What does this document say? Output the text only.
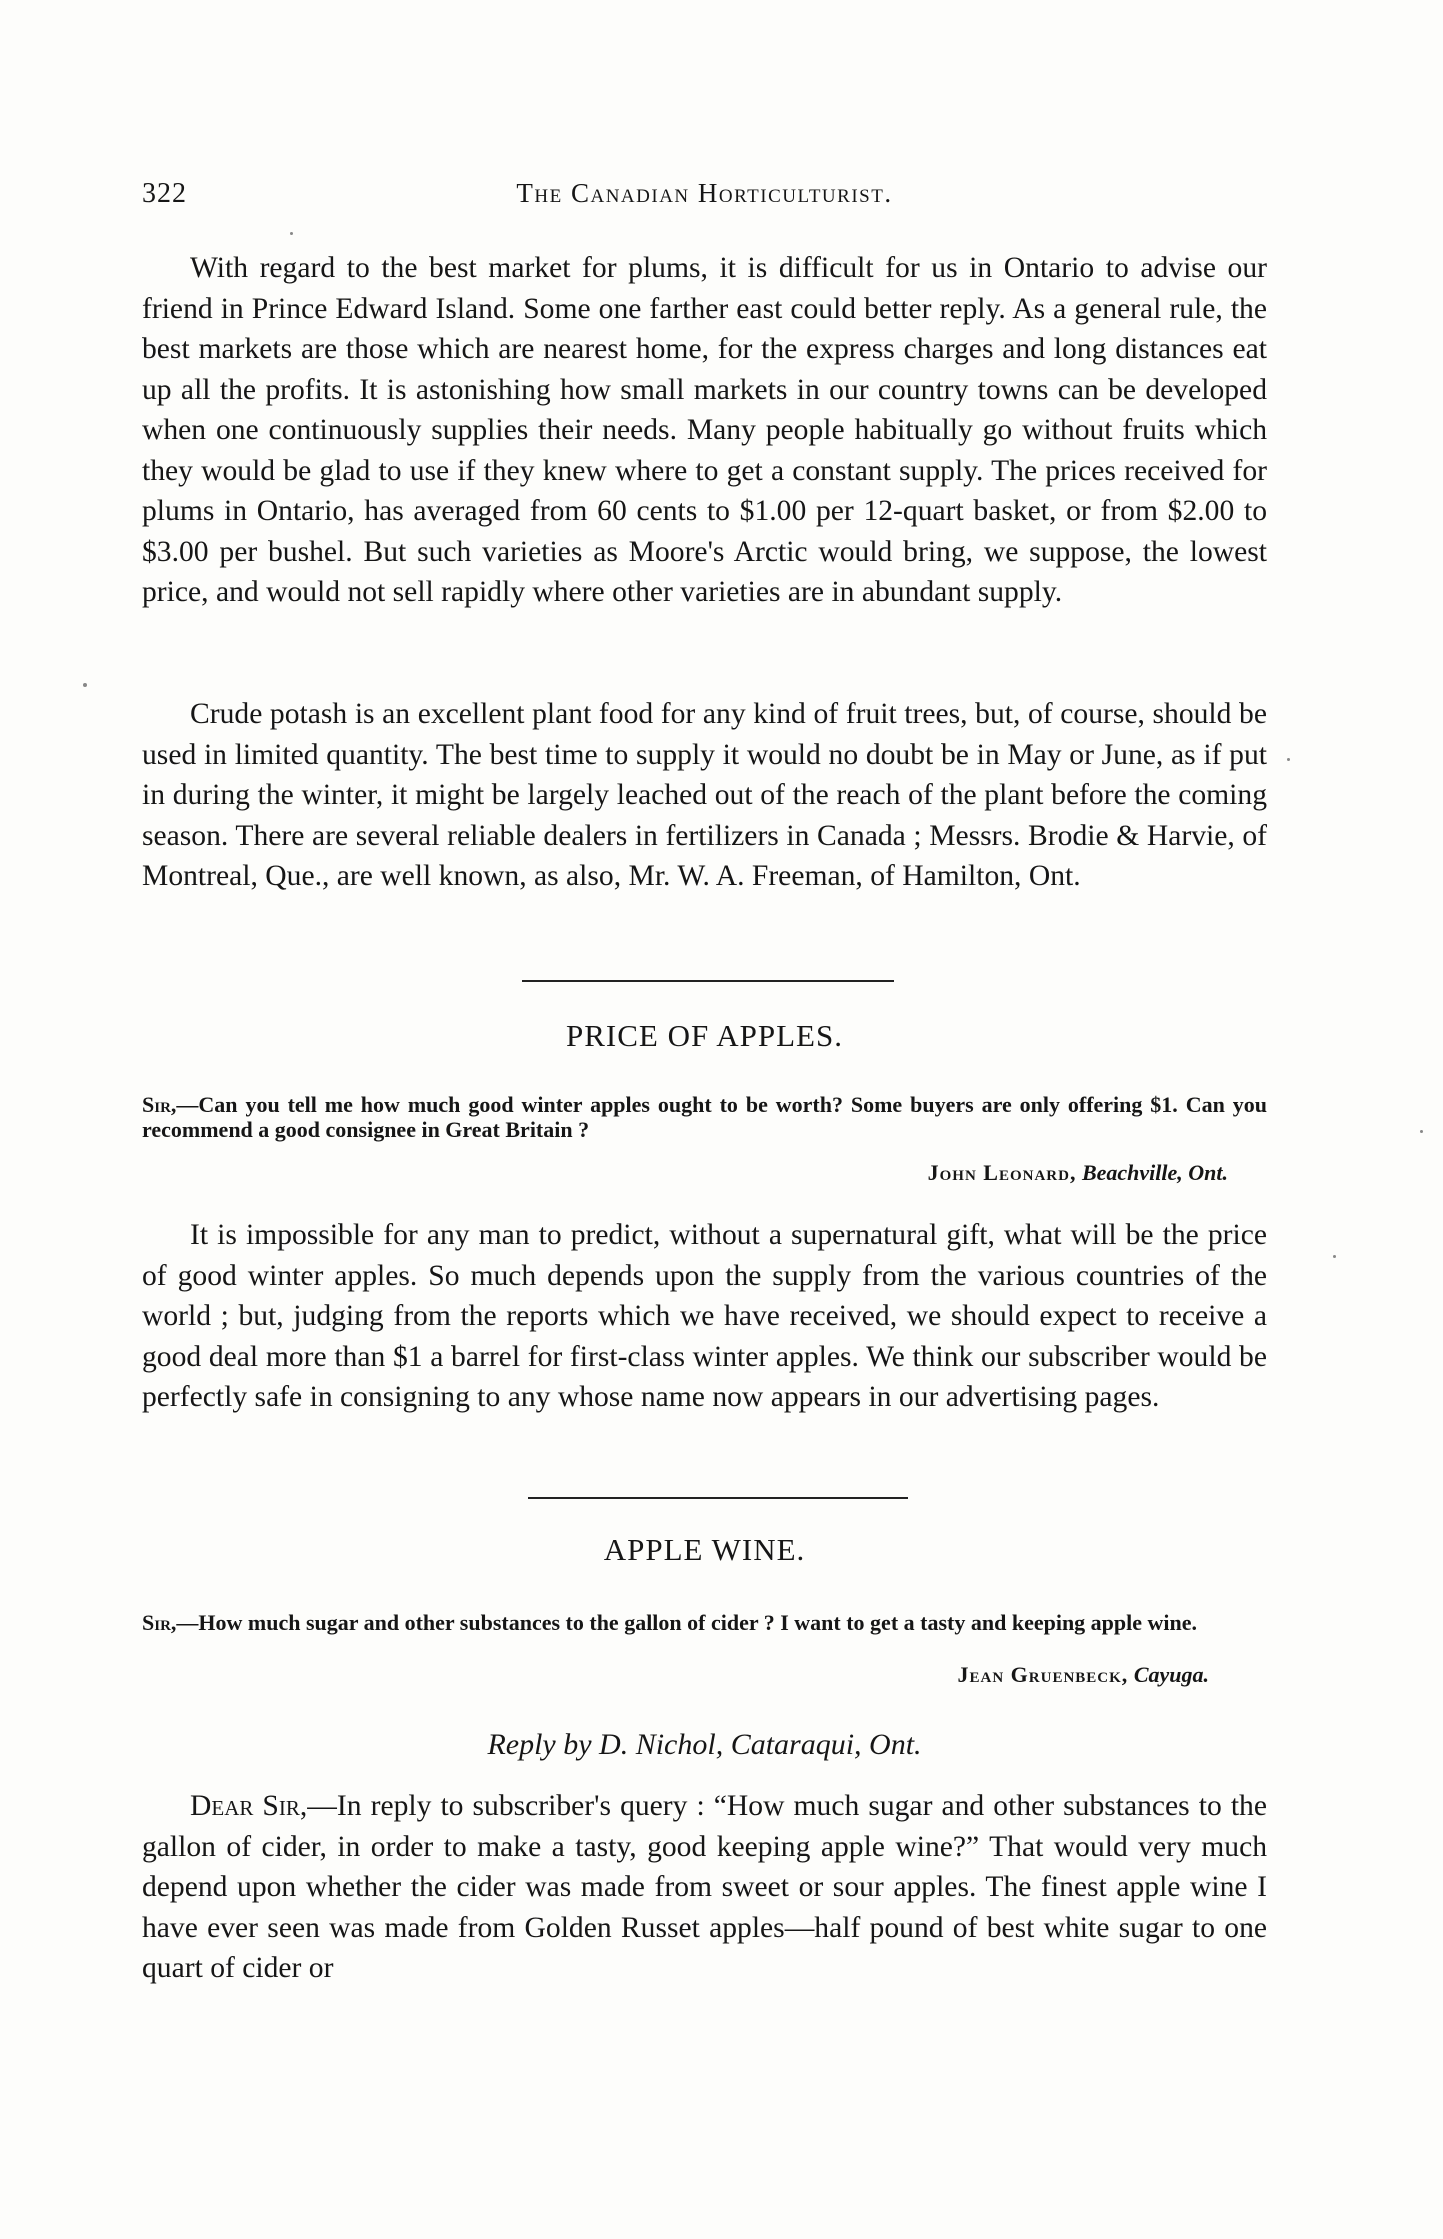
322	The Canadian Horticulturist.

With regard to the best market for plums, it is difficult for us in Ontario to advise our friend in Prince Edward Island. Some one farther east could better reply. As a general rule, the best markets are those which are nearest home, for the express charges and long distances eat up all the profits. It is astonishing how small markets in our country towns can be developed when one continuously supplies their needs. Many people habitually go without fruits which they would be glad to use if they knew where to get a constant supply. The prices received for plums in Ontario, has averaged from 60 cents to $1.00 per 12-quart basket, or from $2.00 to $3.00 per bushel. But such varieties as Moore's Arctic would bring, we suppose, the lowest price, and would not sell rapidly where other varieties are in abundant supply.

Crude potash is an excellent plant food for any kind of fruit trees, but, of course, should be used in limited quantity. The best time to supply it would no doubt be in May or June, as if put in during the winter, it might be largely leached out of the reach of the plant before the coming season. There are several reliable dealers in fertilizers in Canada ; Messrs. Brodie & Harvie, of Montreal, Que., are well known, as also, Mr. W. A. Freeman, of Hamilton, Ont.

PRICE OF APPLES.

Sir,—Can you tell me how much good winter apples ought to be worth? Some buyers are only offering $1. Can you recommend a good consignee in Great Britain ?

John Leonard, Beachville, Ont.

It is impossible for any man to predict, without a supernatural gift, what will be the price of good winter apples. So much depends upon the supply from the various countries of the world ; but, judging from the reports which we have received, we should expect to receive a good deal more than $1 a barrel for first-class winter apples. We think our subscriber would be perfectly safe in consigning to any whose name now appears in our advertising pages.

APPLE WINE.

Sir,—How much sugar and other substances to the gallon of cider ? I want to get a tasty and keeping apple wine.

Jean Gruenbeck, Cayuga.
Reply by D. Nichol, Cataraqui, Ont.

Dear Sir,—In reply to subscriber's query : “How much sugar and other substances to the gallon of cider, in order to make a tasty, good keeping apple wine?” That would very much depend upon whether the cider was made from sweet or sour apples. The finest apple wine I have ever seen was made from Golden Russet apples—half pound of best white sugar to one quart of cider or
